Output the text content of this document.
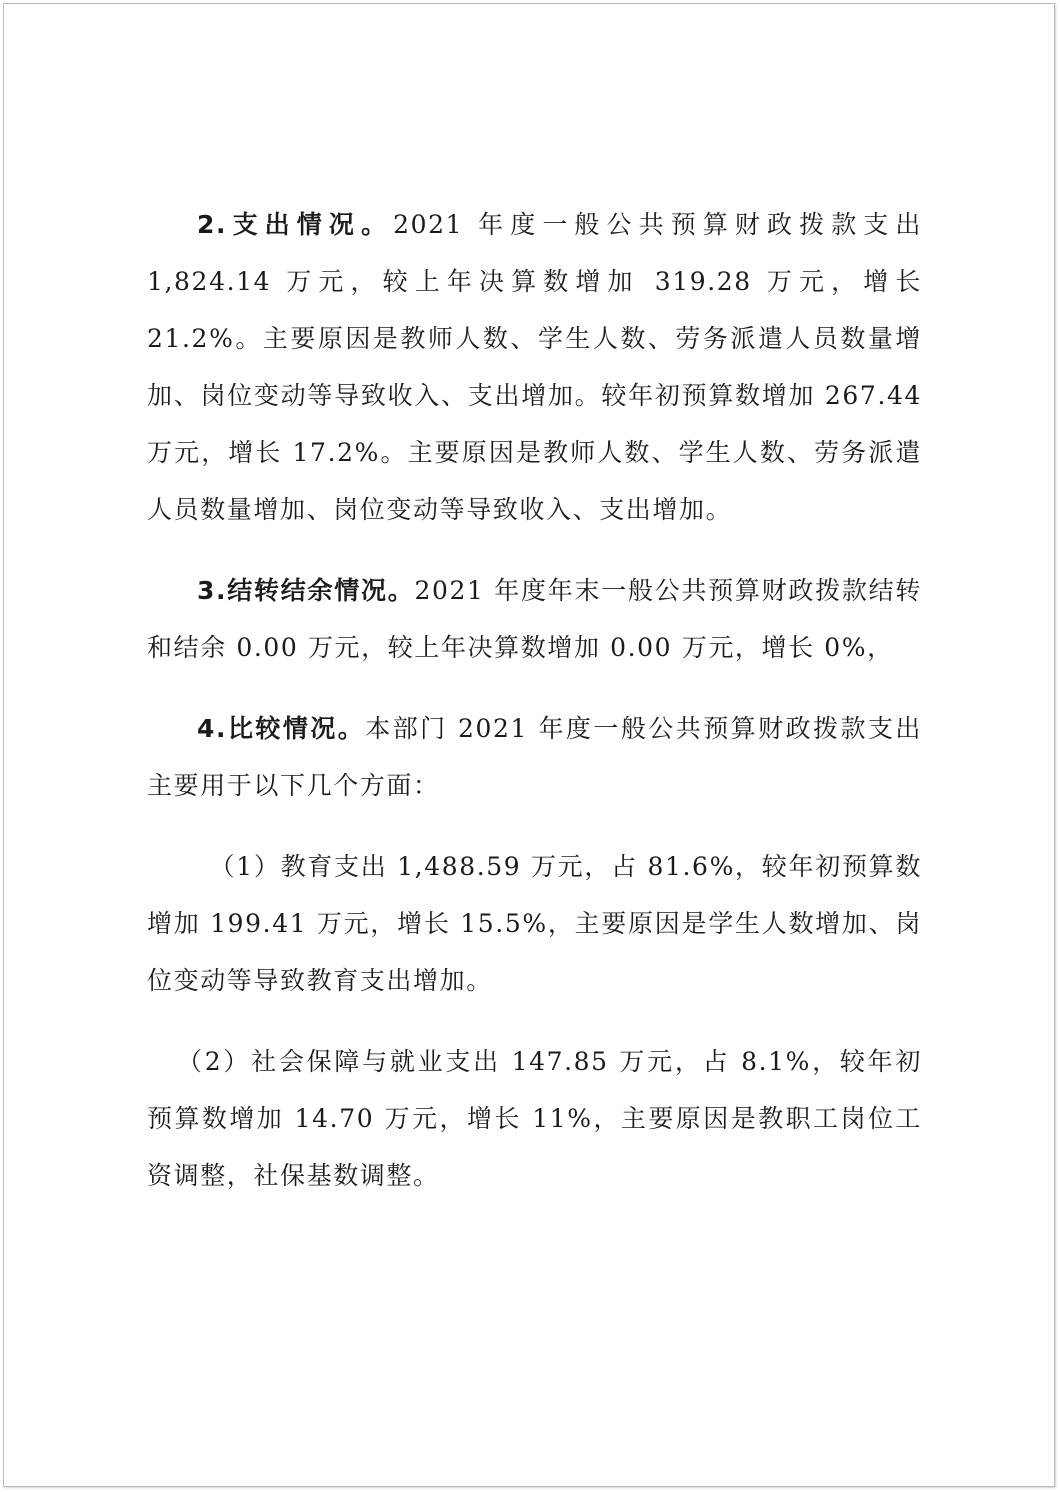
2.支出情况。2021 年度一般公共预算财政拨款支出 1,824.14 万元，较上年决算数增加 319.28 万元，增长 21.2%。主要原因是教师人数、学生人数、劳务派遣人员数量增加、岗位变动等导致收入、支出增加。较年初预算数增加 267.44 万元，增长 17.2%。主要原因是教师人数、学生人数、劳务派遣人员数量增加、岗位变动等导致收入、支出增加。

3.结转结余情况。2021 年度年末一般公共预算财政拨款结转和结余 0.00 万元，较上年决算数增加 0.00 万元，增长 0%，

4.比较情况。本部门 2021 年度一般公共预算财政拨款支出主要用于以下几个方面：

（1）教育支出 1,488.59 万元，占 81.6%，较年初预算数增加 199.41 万元，增长 15.5%，主要原因是学生人数增加、岗位变动等导致教育支出增加。

（2）社会保障与就业支出 147.85 万元，占 8.1%，较年初预算数增加 14.70 万元，增长 11%，主要原因是教职工岗位工资调整，社保基数调整。
